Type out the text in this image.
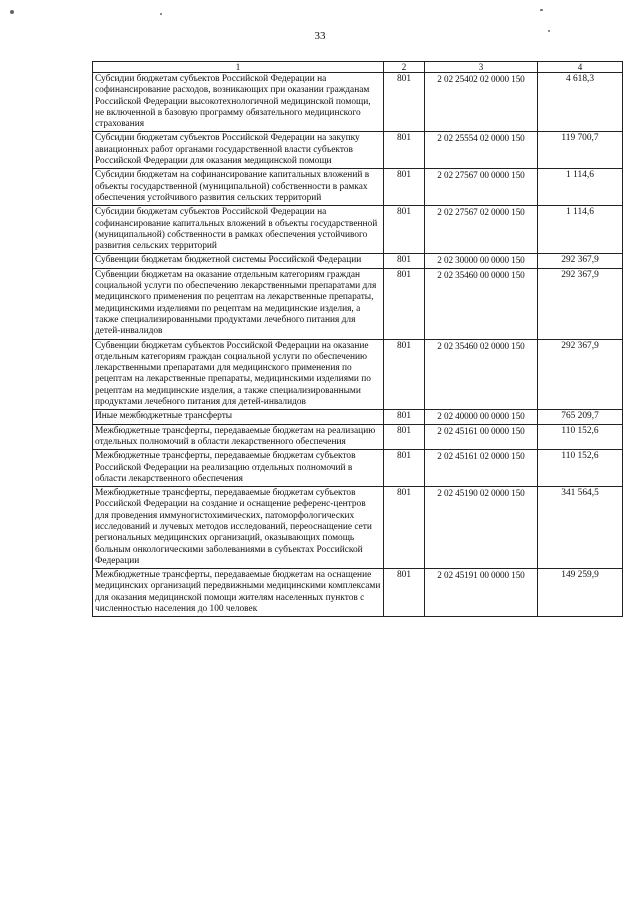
33
1	2	3	4
Субсидии бюджетам субъектов Российской Федерации на софинансирование расходов, возникающих при оказании гражданам Российской Федерации высокотехнологичной медицинской помощи, не включенной в базовую программу обязательного медицинского страхования	801	2 02 25402 02 0000 150	4 618,3
Субсидии бюджетам субъектов Российской Федерации на закупку авиационных работ органами государственной власти субъектов Российской Федерации для оказания медицинской помощи	801	2 02 25554 02 0000 150	119 700,7
Субсидии бюджетам на софинансирование капитальных вложений в объекты государственной (муниципальной) собственности в рамках обеспечения устойчивого развития сельских территорий	801	2 02 27567 00 0000 150	1 114,6
Субсидии бюджетам субъектов Российской Федерации на софинансирование капитальных вложений в объекты государственной (муниципальной) собственности в рамках обеспечения устойчивого развития сельских территорий	801	2 02 27567 02 0000 150	1 114,6
Субвенции бюджетам бюджетной системы Российской Федерации	801	2 02 30000 00 0000 150	292 367,9
Субвенции бюджетам на оказание отдельным категориям граждан социальной услуги по обеспечению лекарственными препаратами для медицинского применения по рецептам на лекарственные препараты, медицинскими изделиями по рецептам на медицинские изделия, а также специализированными продуктами лечебного питания для детей-инвалидов	801	2 02 35460 00 0000 150	292 367,9
Субвенции бюджетам субъектов Российской Федерации на оказание отдельным категориям граждан социальной услуги по обеспечению лекарственными препаратами для медицинского применения по рецептам на лекарственные препараты, медицинскими изделиями по рецептам на медицинские изделия, а также специализированными продуктами лечебного питания для детей-инвалидов	801	2 02 35460 02 0000 150	292 367,9
Иные межбюджетные трансферты	801	2 02 40000 00 0000 150	765 209,7
Межбюджетные трансферты, передаваемые бюджетам на реализацию отдельных полномочий в области лекарственного обеспечения	801	2 02 45161 00 0000 150	110 152,6
Межбюджетные трансферты, передаваемые бюджетам субъектов Российской Федерации на реализацию отдельных полномочий в области лекарственного обеспечения	801	2 02 45161 02 0000 150	110 152,6
Межбюджетные трансферты, передаваемые бюджетам субъектов Российской Федерации на создание и оснащение референс-центров для проведения иммуногистохимических, патоморфологических исследований и лучевых методов исследований, переоснащение сети региональных медицинских организаций, оказывающих помощь больным онкологическими заболеваниями в субъектах Российской Федерации	801	2 02 45190 02 0000 150	341 564,5
Межбюджетные трансферты, передаваемые бюджетам на оснащение медицинских организаций передвижными медицинскими комплексами для оказания медицинской помощи жителям населенных пунктов с численностью населения до 100 человек	801	2 02 45191 00 0000 150	149 259,9
